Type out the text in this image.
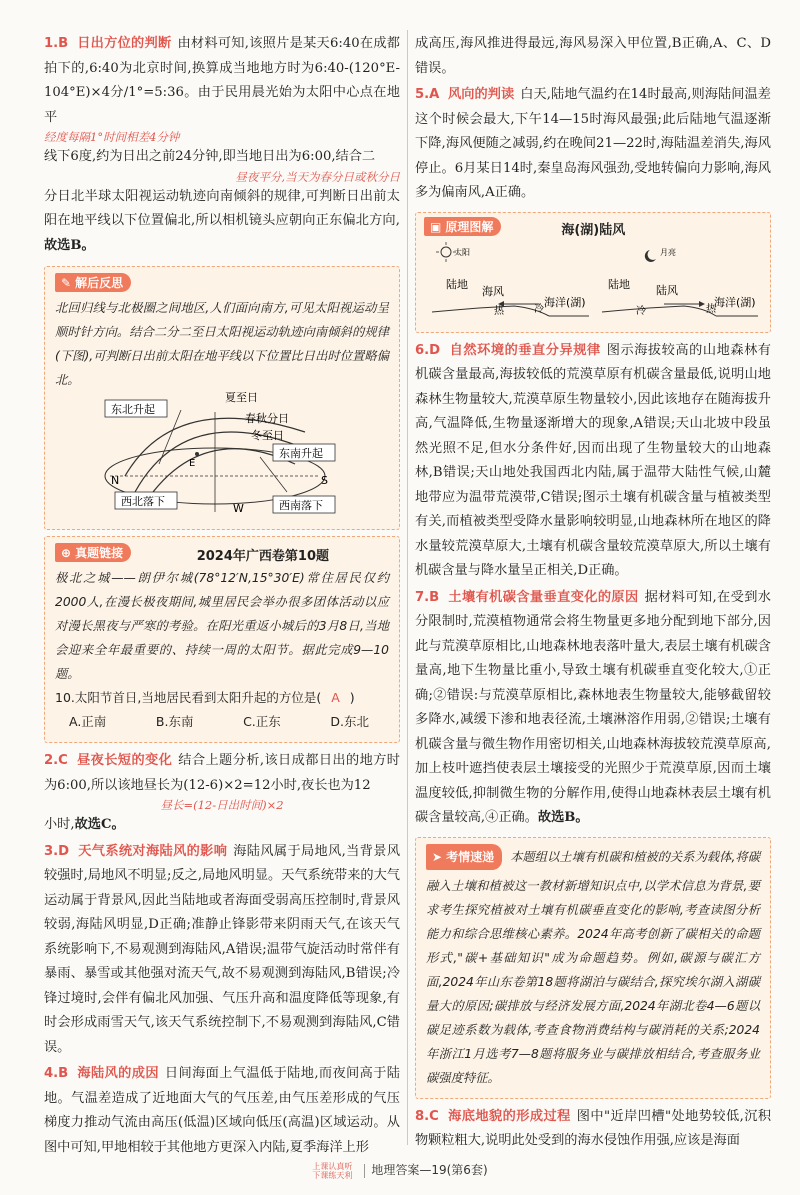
1.B 日出方位的判断 由材料可知,该照片是某天6:40在成都拍下的,6:40为北京时间,换算成当地地方时为6:40-(120°E-104°E)×4分/1°=5:36。由于民用晨光始为太阳中心点在地平

经度每隔1°时间相差4分钟

线下6度,约为日出之前24分钟,即当地日出为6:00,结合二

昼夜平分,当天为春分日或秋分日

分日北半球太阳视运动轨迹向南倾斜的规律,可判断日出前太阳在地平线以下位置偏北,所以相机镜头应朝向正东偏北方向,故选B。

✎ 解后反思
北回归线与北极圈之间地区,人们面向南方,可见太阳视运动呈顺时针方向。结合二分二至日太阳视运动轨迹向南倾斜的规律(下图),可判断日出前太阳在地平线以下位置比日出时位置略偏北。
东北升起
夏至日
春秋分日
冬至日
东南升起
N	S
E
W
西北落下	西南落下
⊕ 真题链接	2024年广西卷第10题
极北之城——朗伊尔城(78°12′N,15°30′E)常住居民仅约2000人,在漫长极夜期间,城里居民会举办很多团体活动以应对漫长黑夜与严寒的考验。在阳光重返小城后的3月8日,当地会迎来全年最重要的、持续一周的太阳节。据此完成9—10题。
10.太阳节首日,当地居民看到太阳升起的方位是( A )
A.正南	B.东南	C.正东	D.东北

2.C 昼夜长短的变化 结合上题分析,该日成都日出的地方时为6:00,所以该地昼长为(12-6)×2=12小时,夜长也为12

昼长=(12-日出时间)×2

小时,故选C。

3.D 天气系统对海陆风的影响 海陆风属于局地风,当背景风较强时,局地风不明显;反之,局地风明显。天气系统带来的大气运动属于背景风,因此当陆地或者海面受弱高压控制时,背景风较弱,海陆风明显,D正确;准静止锋影带来阴雨天气,在该天气系统影响下,不易观测到海陆风,A错误;温带气旋活动时常伴有暴雨、暴雪或其他强对流天气,故不易观测到海陆风,B错误;冷锋过境时,会伴有偏北风加强、气压升高和温度降低等现象,有时会形成雨雪天气,该天气系统控制下,不易观测到海陆风,C错误。

4.B 海陆风的成因 日间海面上气温低于陆地,而夜间高于陆地。气温差造成了近地面大气的气压差,由气压差形成的气压梯度力推动气流由高压(低温)区域向低压(高温)区域运动。从图中可知,甲地相较于其他地方更深入内陆,夏季海洋上形

成高压,海风推进得最远,海风易深入甲位置,B正确,A、C、D错误。

5.A 风向的判读 白天,陆地气温约在14时最高,则海陆间温差这个时候会最大,下午14—15时海风最强;此后陆地气温逐渐下降,海风便随之减弱,约在晚间21—22时,海陆温差消失,海风停止。6月某日14时,秦皇岛海风强劲,受地转偏向力影响,海风多为偏南风,A正确。

▣ 原理图解	海(湖)陆风
太阳
陆地
海风
热	冷
海洋(湖)
月亮
陆地 陆风
冷	热
海洋(湖)

6.D 自然环境的垂直分异规律 图示海拔较高的山地森林有机碳含量最高,海拔较低的荒漠草原有机碳含量最低,说明山地森林生物量较大,荒漠草原生物量较小,因此该地存在随海拔升高,气温降低,生物量逐渐增大的现象,A错误;天山北坡中段虽然光照不足,但水分条件好,因而出现了生物量较大的山地森林,B错误;天山地处我国西北内陆,属于温带大陆性气候,山麓地带应为温带荒漠带,C错误;图示土壤有机碳含量与植被类型有关,而植被类型受降水量影响较明显,山地森林所在地区的降水量较荒漠草原大,土壤有机碳含量较荒漠草原大,所以土壤有机碳含量与降水量呈正相关,D正确。

7.B 土壤有机碳含量垂直变化的原因 据材料可知,在受到水分限制时,荒漠植物通常会将生物量更多地分配到地下部分,因此与荒漠草原相比,山地森林地表落叶量大,表层土壤有机碳含量高,地下生物量比重小,导致土壤有机碳垂直变化较大,①正确;②错误:与荒漠草原相比,森林地表生物量较大,能够截留较多降水,减缓下渗和地表径流,土壤淋溶作用弱,②错误;土壤有机碳含量与微生物作用密切相关,山地森林海拔较荒漠草原高,加上枝叶遮挡使表层土壤接受的光照少于荒漠草原,因而土壤温度较低,抑制微生物的分解作用,使得山地森林表层土壤有机碳含量较高,④正确。故选B。

➤ 考情速递 本题组以土壤有机碳和植被的关系为载体,将碳融入土壤和植被这一教材新增知识点中,以学术信息为背景,要求考生探究植被对土壤有机碳垂直变化的影响,考查读图分析能力和综合思维核心素养。2024年高考创新了碳相关的命题形式,"碳+基础知识"成为命题趋势。例如,碳源与碳汇方面,2024年山东卷第18题将湖泊与碳结合,探究埃尔湖入湖碳量大的原因;碳排放与经济发展方面,2024年湖北卷4—6题以碳足迹系数为载体,考查食物消费结构与碳消耗的关系;2024年浙江1月选考7—8题将服务业与碳排放相结合,考查服务业碳强度特征。

8.C 海底地貌的形成过程 图中"近岸凹槽"处地势较低,沉积物颗粒粗大,说明此处受到的海水侵蚀作用强,应该是海面

上课认真听
下课练天利 地理答案—19(第6套)
